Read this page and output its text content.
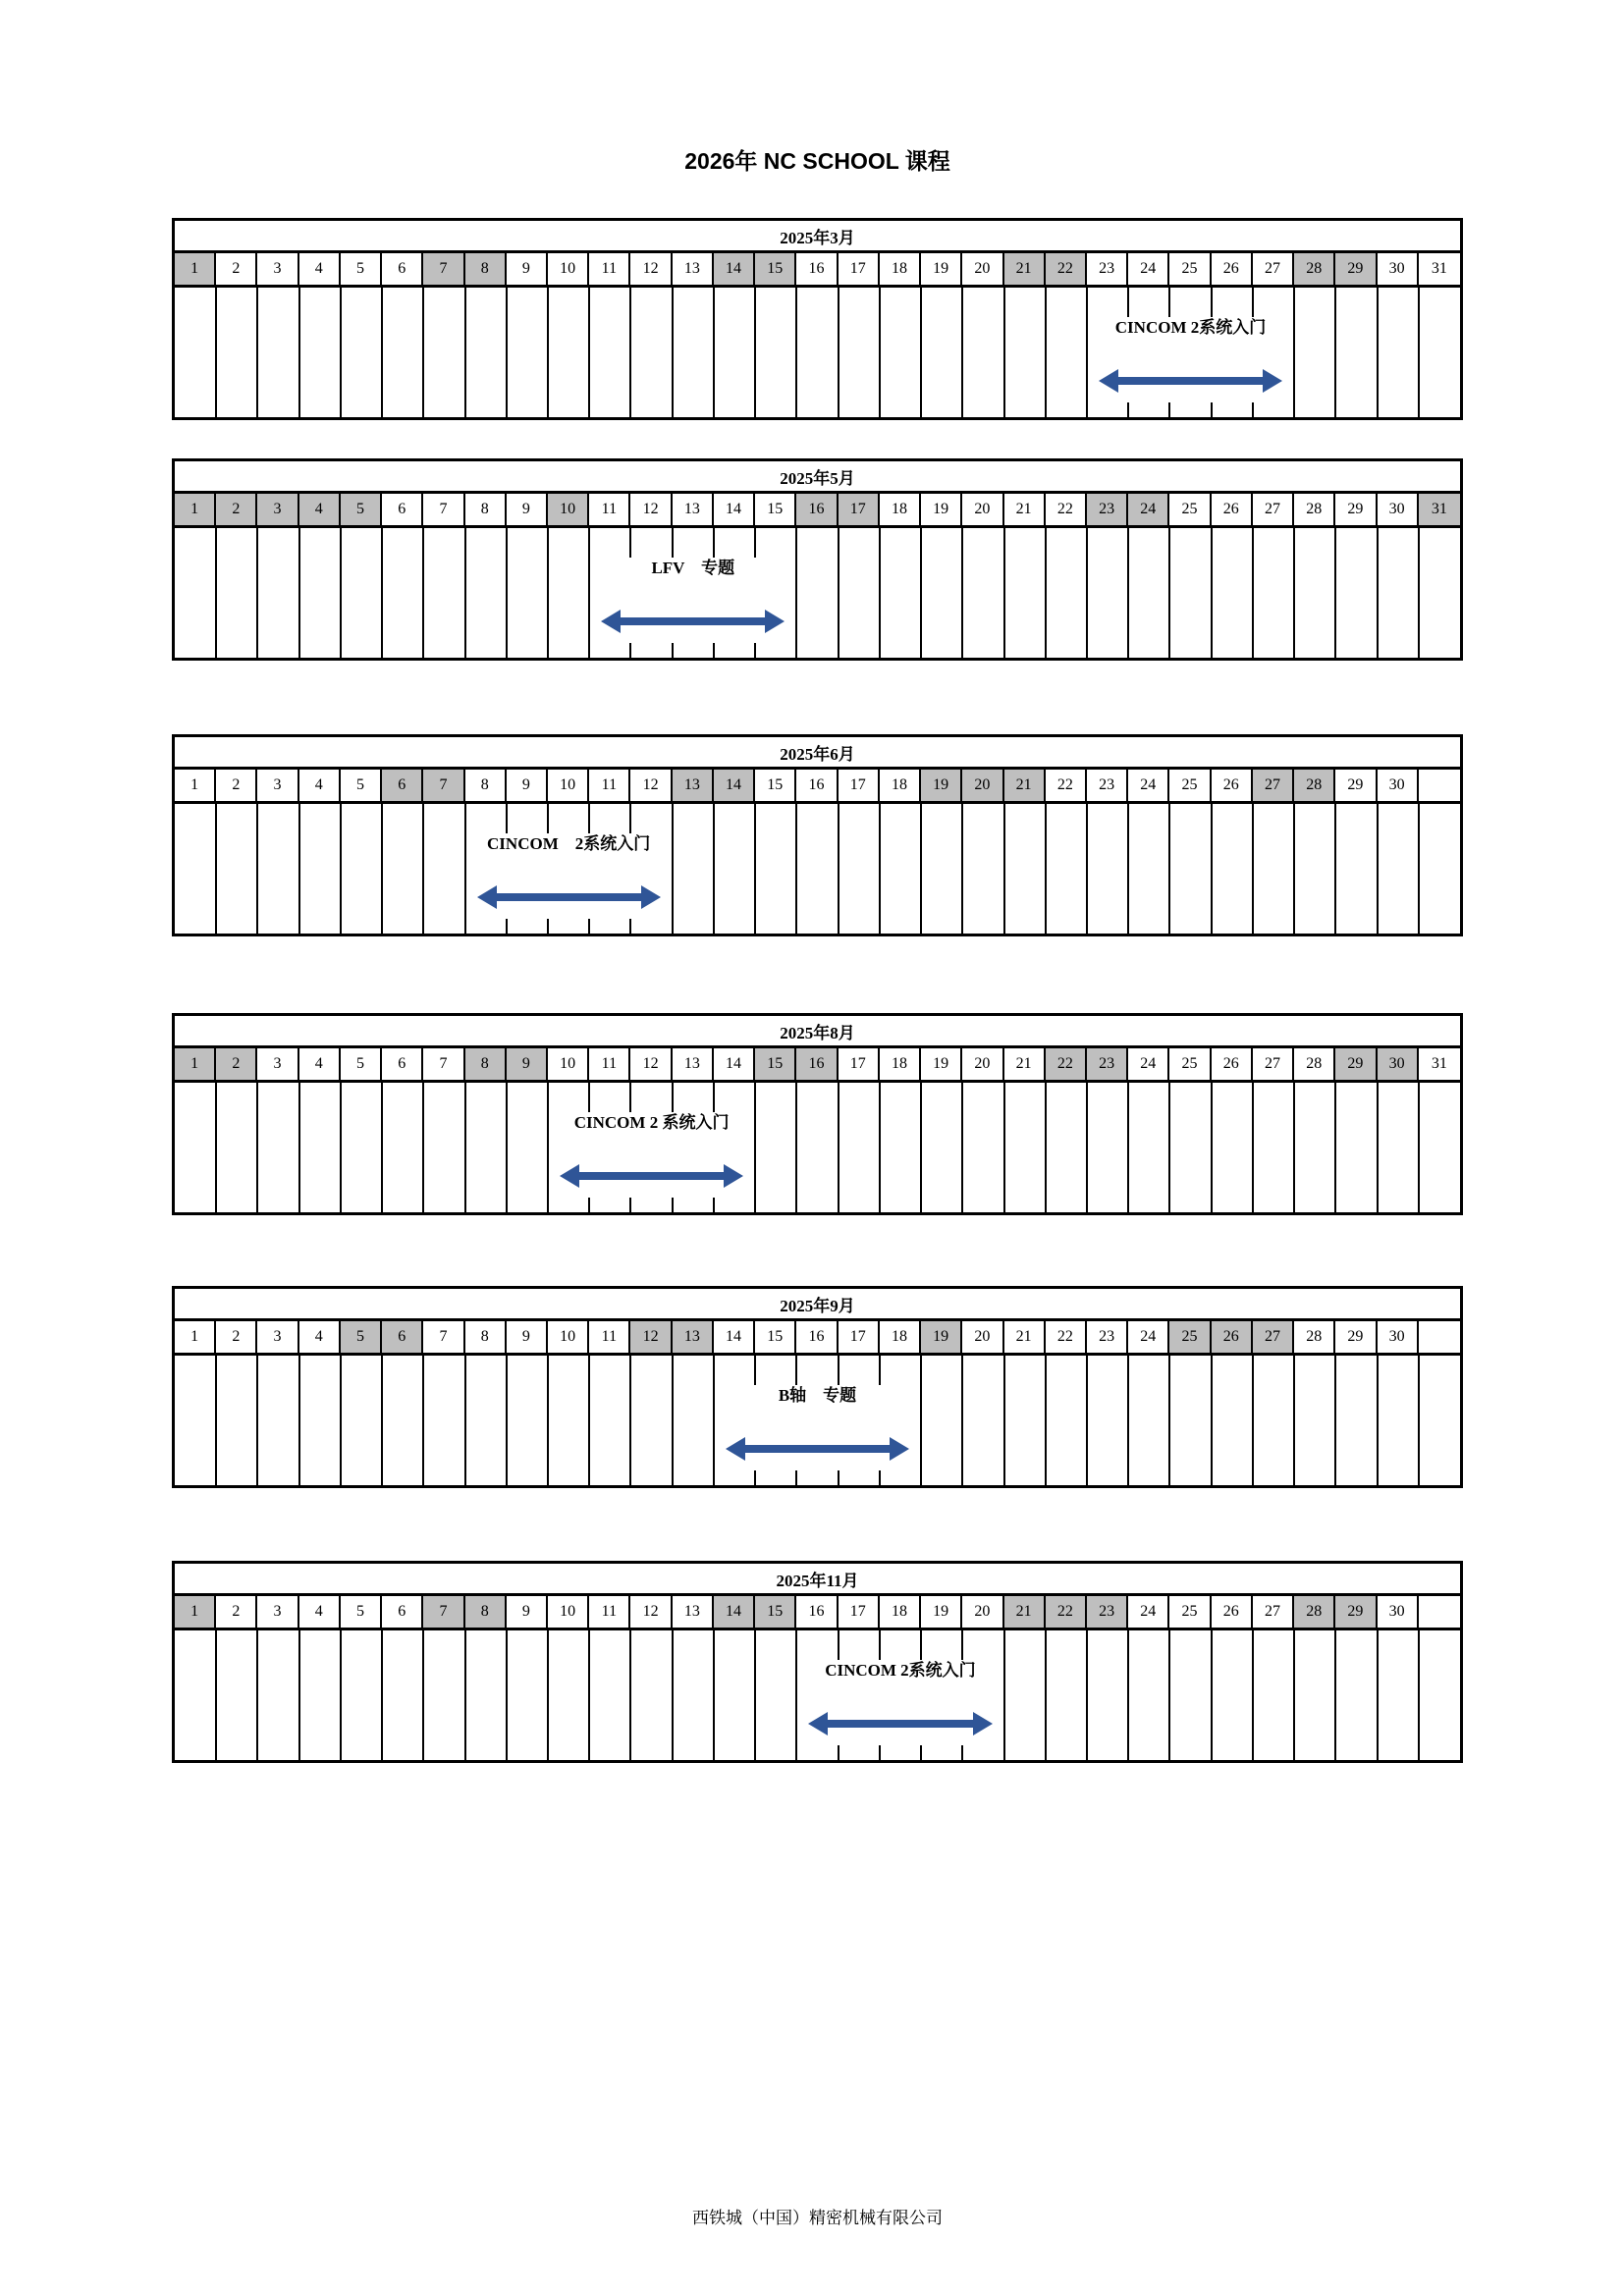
2026年 NC SCHOOL 课程
2025年3月
1	2	3	4	5	6	7	8	9	10	11	12	13	14	15	16	17	18	19	20	21	22	23	24	25	26	27	28	29	30	31
CINCOM 2系统入门
2025年5月
1	2	3	4	5	6	7	8	9	10	11	12	13	14	15	16	17	18	19	20	21	22	23	24	25	26	27	28	29	30	31
LFV　专题
2025年6月
1	2	3	4	5	6	7	8	9	10	11	12	13	14	15	16	17	18	19	20	21	22	23	24	25	26	27	28	29	30
CINCOM　2系统入门
2025年8月
1	2	3	4	5	6	7	8	9	10	11	12	13	14	15	16	17	18	19	20	21	22	23	24	25	26	27	28	29	30	31
CINCOM 2 系统入门
2025年9月
1	2	3	4	5	6	7	8	9	10	11	12	13	14	15	16	17	18	19	20	21	22	23	24	25	26	27	28	29	30
B轴　专题
2025年11月
1	2	3	4	5	6	7	8	9	10	11	12	13	14	15	16	17	18	19	20	21	22	23	24	25	26	27	28	29	30
CINCOM 2系统入门
西铁城（中国）精密机械有限公司
